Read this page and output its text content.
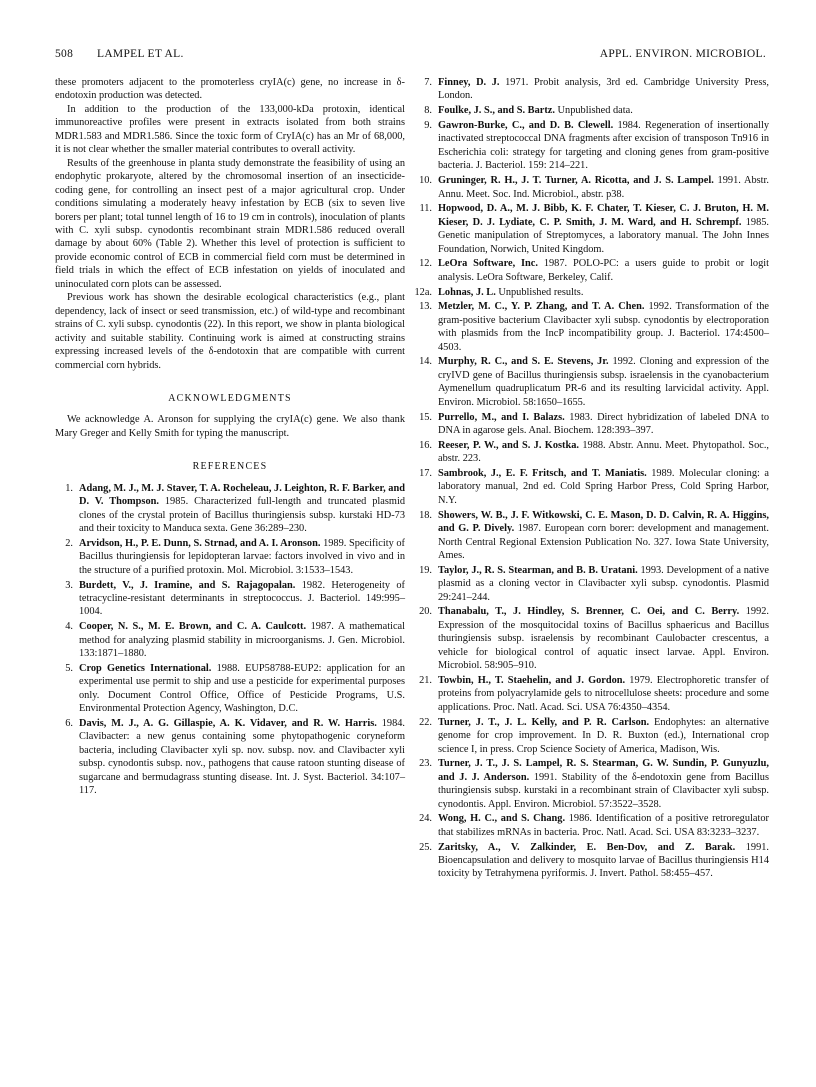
508 LAMPEL ET AL.	APPL. ENVIRON. MICROBIOL.

these promoters adjacent to the promoterless cryIA(c) gene, no increase in δ-endotoxin production was detected.

In addition to the production of the 133,000-kDa protoxin, identical immunoreactive profiles were present in extracts isolated from both strains MDR1.583 and MDR1.586. Since the toxic form of CryIA(c) has an Mr of 68,000, it is not clear whether the smaller material contributes to overall activity.

Results of the greenhouse in planta study demonstrate the feasibility of using an endophytic prokaryote, altered by the chromosomal insertion of an insecticide-coding gene, for controlling an insect pest of a major agricultural crop. Under conditions simulating a moderately heavy infestation by ECB (six to seven live borers per plant; total tunnel length of 16 to 19 cm in controls), inoculation of plants with C. xyli subsp. cynodontis recombinant strain MDR1.586 reduced overall damage by about 60% (Table 2). Whether this level of protection is sufficient to provide economic control of ECB in commercial field corn must be determined in field trials in which the effect of ECB infestation on yields of inoculated and uninoculated corn plots can be assessed.

Previous work has shown the desirable ecological characteristics (e.g., plant dependency, lack of insect or seed transmission, etc.) of wild-type and recombinant strains of C. xyli subsp. cynodontis (22). In this report, we show in planta biological activity and suitable stability. Continuing work is aimed at constructing strains expressing increased levels of the δ-endotoxin that are compatible with current commercial corn hybrids.

ACKNOWLEDGMENTS

We acknowledge A. Aronson for supplying the cryIA(c) gene. We also thank Mary Greger and Kelly Smith for typing the manuscript.

REFERENCES
1. Adang, M. J., M. J. Staver, T. A. Rocheleau, J. Leighton, R. F. Barker, and D. V. Thompson. 1985. Characterized full-length and truncated plasmid clones of the crystal protein of Bacillus thuringiensis subsp. kurstaki HD-73 and their toxicity to Manduca sexta. Gene 36:289–230.
2. Arvidson, H., P. E. Dunn, S. Strnad, and A. I. Aronson. 1989. Specificity of Bacillus thuringiensis for lepidopteran larvae: factors involved in vivo and in the structure of a purified protoxin. Mol. Microbiol. 3:1533–1543.
3. Burdett, V., J. Iramine, and S. Rajagopalan. 1982. Heterogeneity of tetracycline-resistant determinants in streptococcus. J. Bacteriol. 149:995–1004.
4. Cooper, N. S., M. E. Brown, and C. A. Caulcott. 1987. A mathematical method for analyzing plasmid stability in microorganisms. J. Gen. Microbiol. 133:1871–1880.
5. Crop Genetics International. 1988. EUP58788-EUP2: application for an experimental use permit to ship and use a pesticide for experimental purposes only. Document Control Office, Office of Pesticide Programs, U.S. Environmental Protection Agency, Washington, D.C.
6. Davis, M. J., A. G. Gillaspie, A. K. Vidaver, and R. W. Harris. 1984. Clavibacter: a new genus containing some phytopathogenic coryneform bacteria, including Clavibacter xyli sp. nov. subsp. nov. and Clavibacter xyli subsp. cynodontis subsp. nov., pathogens that cause ratoon stunting disease of sugarcane and bermudagrass stunting disease. Int. J. Syst. Bacteriol. 34:107–117.
7. Finney, D. J. 1971. Probit analysis, 3rd ed. Cambridge University Press, London.
8. Foulke, J. S., and S. Bartz. Unpublished data.
9. Gawron-Burke, C., and D. B. Clewell. 1984. Regeneration of insertionally inactivated streptococcal DNA fragments after excision of transposon Tn916 in Escherichia coli: strategy for targeting and cloning genes from gram-positive bacteria. J. Bacteriol. 159: 214–221.
10. Gruninger, R. H., J. T. Turner, A. Ricotta, and J. S. Lampel. 1991. Abstr. Annu. Meet. Soc. Ind. Microbiol., abstr. p38.
11. Hopwood, D. A., M. J. Bibb, K. F. Chater, T. Kieser, C. J. Bruton, H. M. Kieser, D. J. Lydiate, C. P. Smith, J. M. Ward, and H. Schrempf. 1985. Genetic manipulation of Streptomyces, a laboratory manual. The John Innes Foundation, Norwich, United Kingdom.
12. LeOra Software, Inc. 1987. POLO-PC: a users guide to probit or logit analysis. LeOra Software, Berkeley, Calif.
12a. Lohnas, J. L. Unpublished results.
13. Metzler, M. C., Y. P. Zhang, and T. A. Chen. 1992. Transformation of the gram-positive bacterium Clavibacter xyli subsp. cynodontis by electroporation with plasmids from the IncP incompatibility group. J. Bacteriol. 174:4500–4503.
14. Murphy, R. C., and S. E. Stevens, Jr. 1992. Cloning and expression of the cryIVD gene of Bacillus thuringiensis subsp. israelensis in the cyanobacterium Aymenellum quadruplicatum PR-6 and its resulting larvicidal activity. Appl. Environ. Microbiol. 58:1650–1655.
15. Purrello, M., and I. Balazs. 1983. Direct hybridization of labeled DNA to DNA in agarose gels. Anal. Biochem. 128:393–397.
16. Reeser, P. W., and S. J. Kostka. 1988. Abstr. Annu. Meet. Phytopathol. Soc., abstr. 223.
17. Sambrook, J., E. F. Fritsch, and T. Maniatis. 1989. Molecular cloning: a laboratory manual, 2nd ed. Cold Spring Harbor Press, Cold Spring Harbor, N.Y.
18. Showers, W. B., J. F. Witkowski, C. E. Mason, D. D. Calvin, R. A. Higgins, and G. P. Dively. 1987. European corn borer: development and management. North Central Regional Extension Publication No. 327. Iowa State University, Ames.
19. Taylor, J., R. S. Stearman, and B. B. Uratani. 1993. Development of a native plasmid as a cloning vector in Clavibacter xyli subsp. cynodontis. Plasmid 29:241–244.
20. Thanabalu, T., J. Hindley, S. Brenner, C. Oei, and C. Berry. 1992. Expression of the mosquitocidal toxins of Bacillus sphaericus and Bacillus thuringiensis subsp. israelensis by recombinant Caulobacter crescentus, a vehicle for biological control of aquatic insect larvae. Appl. Environ. Microbiol. 58:905–910.
21. Towbin, H., T. Staehelin, and J. Gordon. 1979. Electrophoretic transfer of proteins from polyacrylamide gels to nitrocellulose sheets: procedure and some applications. Proc. Natl. Acad. Sci. USA 76:4350–4354.
22. Turner, J. T., J. L. Kelly, and P. R. Carlson. Endophytes: an alternative genome for crop improvement. In D. R. Buxton (ed.), International crop science I, in press. Crop Science Society of America, Madison, Wis.
23. Turner, J. T., J. S. Lampel, R. S. Stearman, G. W. Sundin, P. Gunyuzlu, and J. J. Anderson. 1991. Stability of the δ-endotoxin gene from Bacillus thuringiensis subsp. kurstaki in a recombinant strain of Clavibacter xyli subsp. cynodontis. Appl. Environ. Microbiol. 57:3522–3528.
24. Wong, H. C., and S. Chang. 1986. Identification of a positive retroregulator that stabilizes mRNAs in bacteria. Proc. Natl. Acad. Sci. USA 83:3233–3237.
25. Zaritsky, A., V. Zalkinder, E. Ben-Dov, and Z. Barak. 1991. Bioencapsulation and delivery to mosquito larvae of Bacillus thuringiensis H14 toxicity by Tetrahymena pyriformis. J. Invert. Pathol. 58:455–457.
